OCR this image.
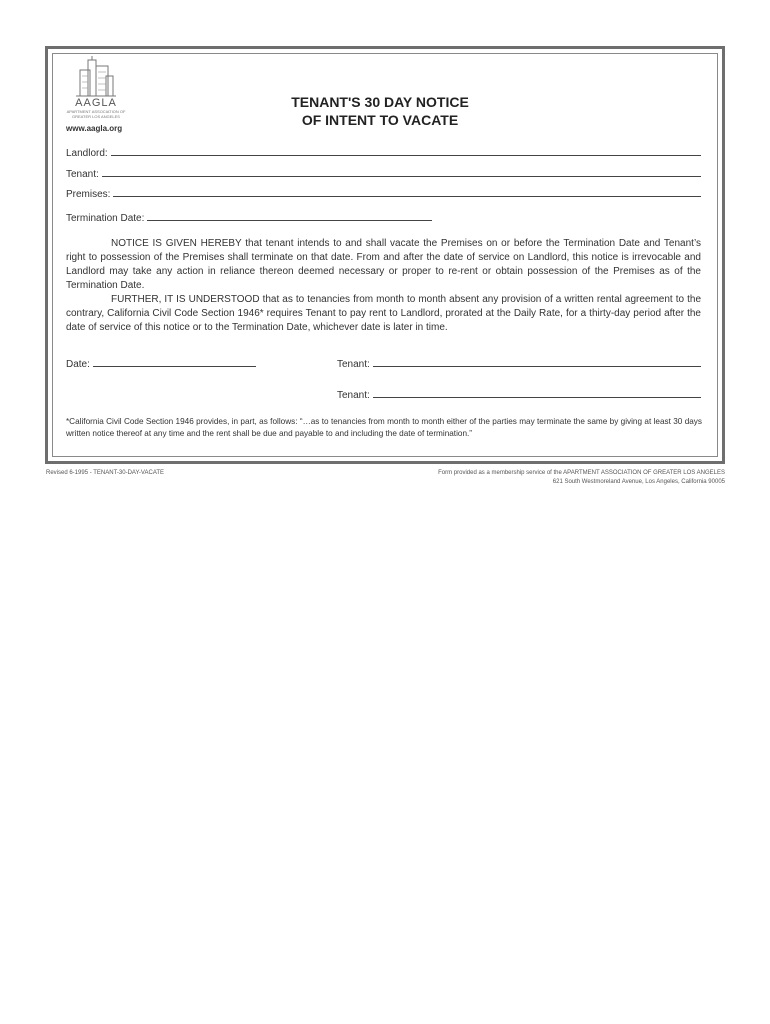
AAGLA
APARTMENT ASSOCIATION OF GREATER LOS ANGELES
www.aagla.org
TENANT'S 30 DAY NOTICE
OF INTENT TO VACATE
Landlord:
Tenant:
Premises:
Termination Date:
NOTICE IS GIVEN HEREBY that tenant intends to and shall vacate the Premises on or before the Termination Date and Tenant’s right to possession of the Premises shall terminate on that date. From and after the date of service on Landlord, this notice is irrevocable and Landlord may take any action in reliance thereon deemed necessary or proper to re-rent or obtain possession of the Premises as of the Termination Date.
FURTHER, IT IS UNDERSTOOD that as to tenancies from month to month absent any provision of a written rental agreement to the contrary, California Civil Code Section 1946* requires Tenant to pay rent to Landlord, prorated at the Daily Rate, for a thirty-day period after the date of service of this notice or to the Termination Date, whichever date is later in time.
Date:	Tenant:
Tenant:
*California Civil Code Section 1946 provides, in part, as follows: “…as to tenancies from month to month either of the parties may terminate the same by giving at least 30 days written notice thereof at any time and the rent shall be due and payable to and including the date of termination.”
Revised 6-1995 - TENANT-30-DAY-VACATE	Form provided as a membership service of the APARTMENT ASSOCIATION OF GREATER LOS ANGELES
621 South Westmoreland Avenue, Los Angeles, California 90005
